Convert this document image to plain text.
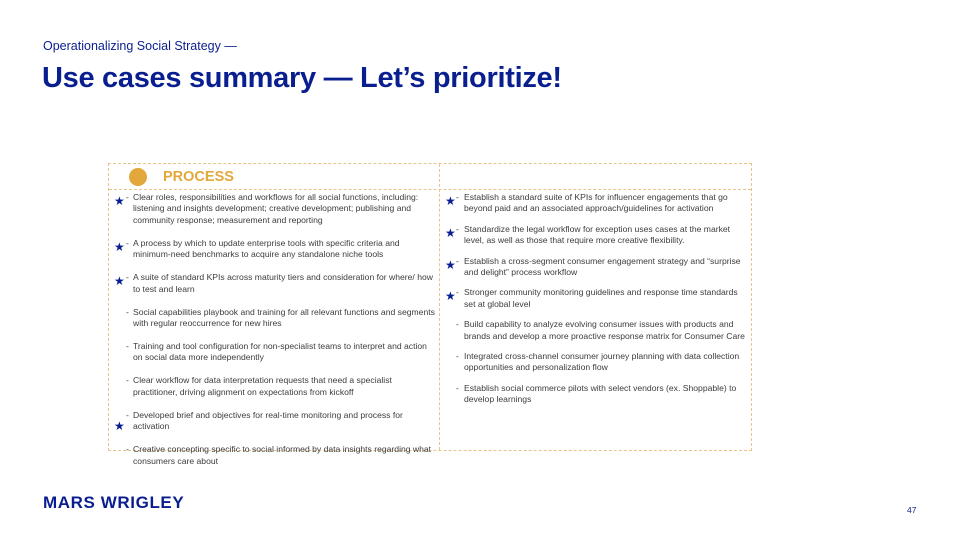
Operationalizing Social Strategy —
Use cases summary — Let’s prioritize!
PROCESS
★ - Clear roles, responsibilities and workflows for all social functions, including: listening and insights development; creative development; publishing and community response; measurement and reporting
★ - A process by which to update enterprise tools with specific criteria and minimum-need benchmarks to acquire any standalone niche tools
★ - A suite of standard KPIs across maturity tiers and consideration for where/ how to test and learn
- Social capabilities playbook and training for all relevant functions and segments with regular reoccurrence for new hires
- Training and tool configuration for non-specialist teams to interpret and action on social data more independently
- Clear workflow for data interpretation requests that need a specialist practitioner, driving alignment on expectations from kickoff
★
- Developed brief and objectives for real-time monitoring and process for activation
- Creative concepting specific to social informed by data insights regarding what consumers care about
★ - Establish a standard suite of KPIs for influencer engagements that go beyond paid and an associated approach/guidelines for activation
★ - Standardize the legal workflow for exception uses cases at the market level, as well as those that require more creative flexibility.
★ - Establish a cross-segment consumer engagement strategy and “surprise and delight” process workflow
★ - Stronger community monitoring guidelines and response time standards set at global level
- Build capability to analyze evolving consumer issues with products and brands and develop a more proactive response matrix for Consumer Care
- Integrated cross-channel consumer journey planning with data collection opportunities and personalization flow
- Establish social commerce pilots with select vendors (ex. Shoppable) to develop learnings
MARS WRIGLEY	47
